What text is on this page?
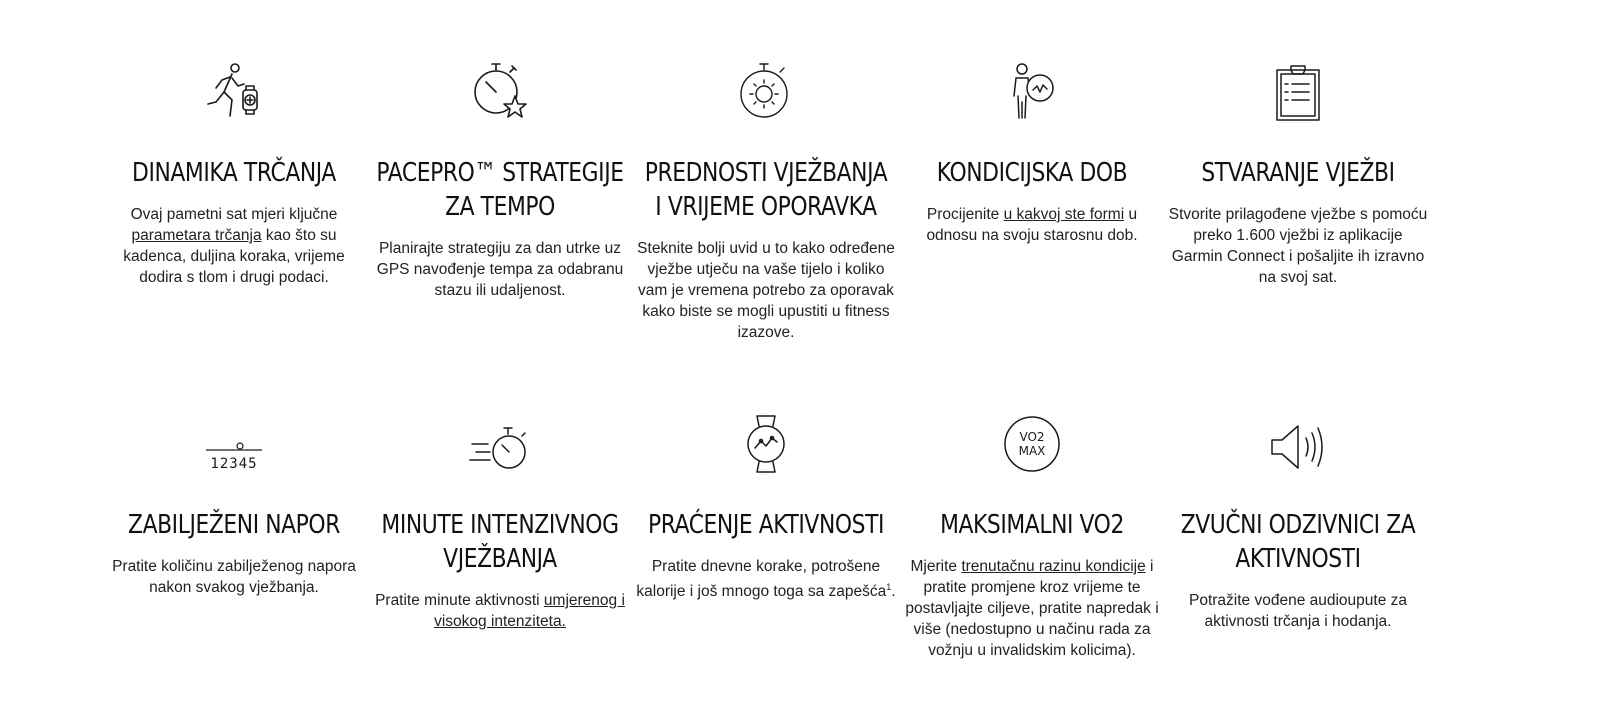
DINAMIKA TRČANJA
Ovaj pametni sat mjeri ključne parametara trčanja kao što su kadenca, duljina koraka, vrijeme dodira s tlom i drugi podaci.
PACEPRO™ STRATEGIJE
ZA TEMPO
Planirajte strategiju za dan utrke uz GPS navođenje tempa za odabranu stazu ili udaljenost.
PREDNOSTI VJEŽBANJA
I VRIJEME OPORAVKA
Steknite bolji uvid u to kako određene vježbe utječu na vaše tijelo i koliko vam je vremena potrebo za oporavak kako biste se mogli upustiti u fitness izazove.
KONDICIJSKA DOB
Procijenite u kakvoj ste formi u odnosu na svoju starosnu dob.
STVARANJE VJEŽBI
Stvorite prilagođene vježbe s pomoću preko 1.600 vježbi iz aplikacije Garmin Connect i pošaljite ih izravno na svoj sat.
12345
ZABILJEŽENI NAPOR
Pratite količinu zabilježenog napora nakon svakog vježbanja.
MINUTE INTENZIVNOG
VJEŽBANJA
Pratite minute aktivnosti umjerenog i visokog intenziteta.
PRAĆENJE AKTIVNOSTI
Pratite dnevne korake, potrošene kalorije i još mnogo toga sa zapešća$^1$.
VO2
MAX
MAKSIMALNI VO2
Mjerite trenutačnu razinu kondicije i pratite promjene kroz vrijeme te postavljajte ciljeve, pratite napredak i više (nedostupno u načinu rada za vožnju u invalidskim kolicima).
ZVUČNI ODZIVNICI ZA
AKTIVNOSTI
Potražite vođene audioupute za aktivnosti trčanja i hodanja.
